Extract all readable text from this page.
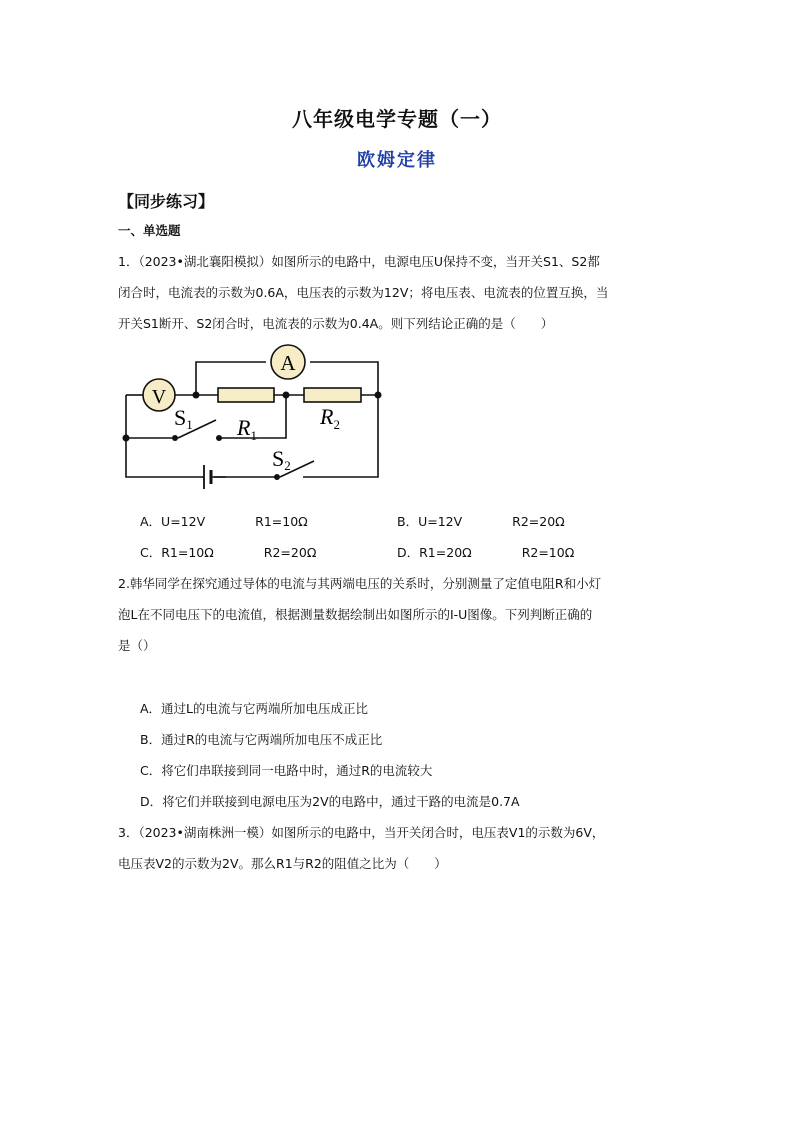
八年级电学专题（一）
欧姆定律
【同步练习】
一、单选题
1．（2023•湖北襄阳模拟）如图所示的电路中，电源电压U保持不变，当开关S1、S2都
闭合时，电流表的示数为0.6A，电压表的示数为12V；将电压表、电流表的位置互换，当
开关S1断开、S2闭合时，电流表的示数为0.4A。则下列结论正确的是（　　）
A
V
S1 $R_1$
$R_2$
S2
A．U=12V　　　　R1=10Ω	B．U=12V　　　　R2=20Ω
C．R1=10Ω　　　　R2=20Ω	D．R1=20Ω　　　　R2=10Ω
2.韩华同学在探究通过导体的电流与其两端电压的关系时，分别测量了定值电阻R和小灯
泡L在不同电压下的电流值，根据测量数据绘制出如图所示的I-U图像。下列判断正确的
是（）
A．通过L的电流与它两端所加电压成正比
B．通过R的电流与它两端所加电压不成正比
C．将它们串联接到同一电路中时，通过R的电流较大
D．将它们并联接到电源电压为2V的电路中，通过干路的电流是0.7A
3．（2023•湖南株洲一模）如图所示的电路中，当开关闭合时，电压表V1的示数为6V，
电压表V2的示数为2V。那么R1与R2的阻值之比为（　　）
